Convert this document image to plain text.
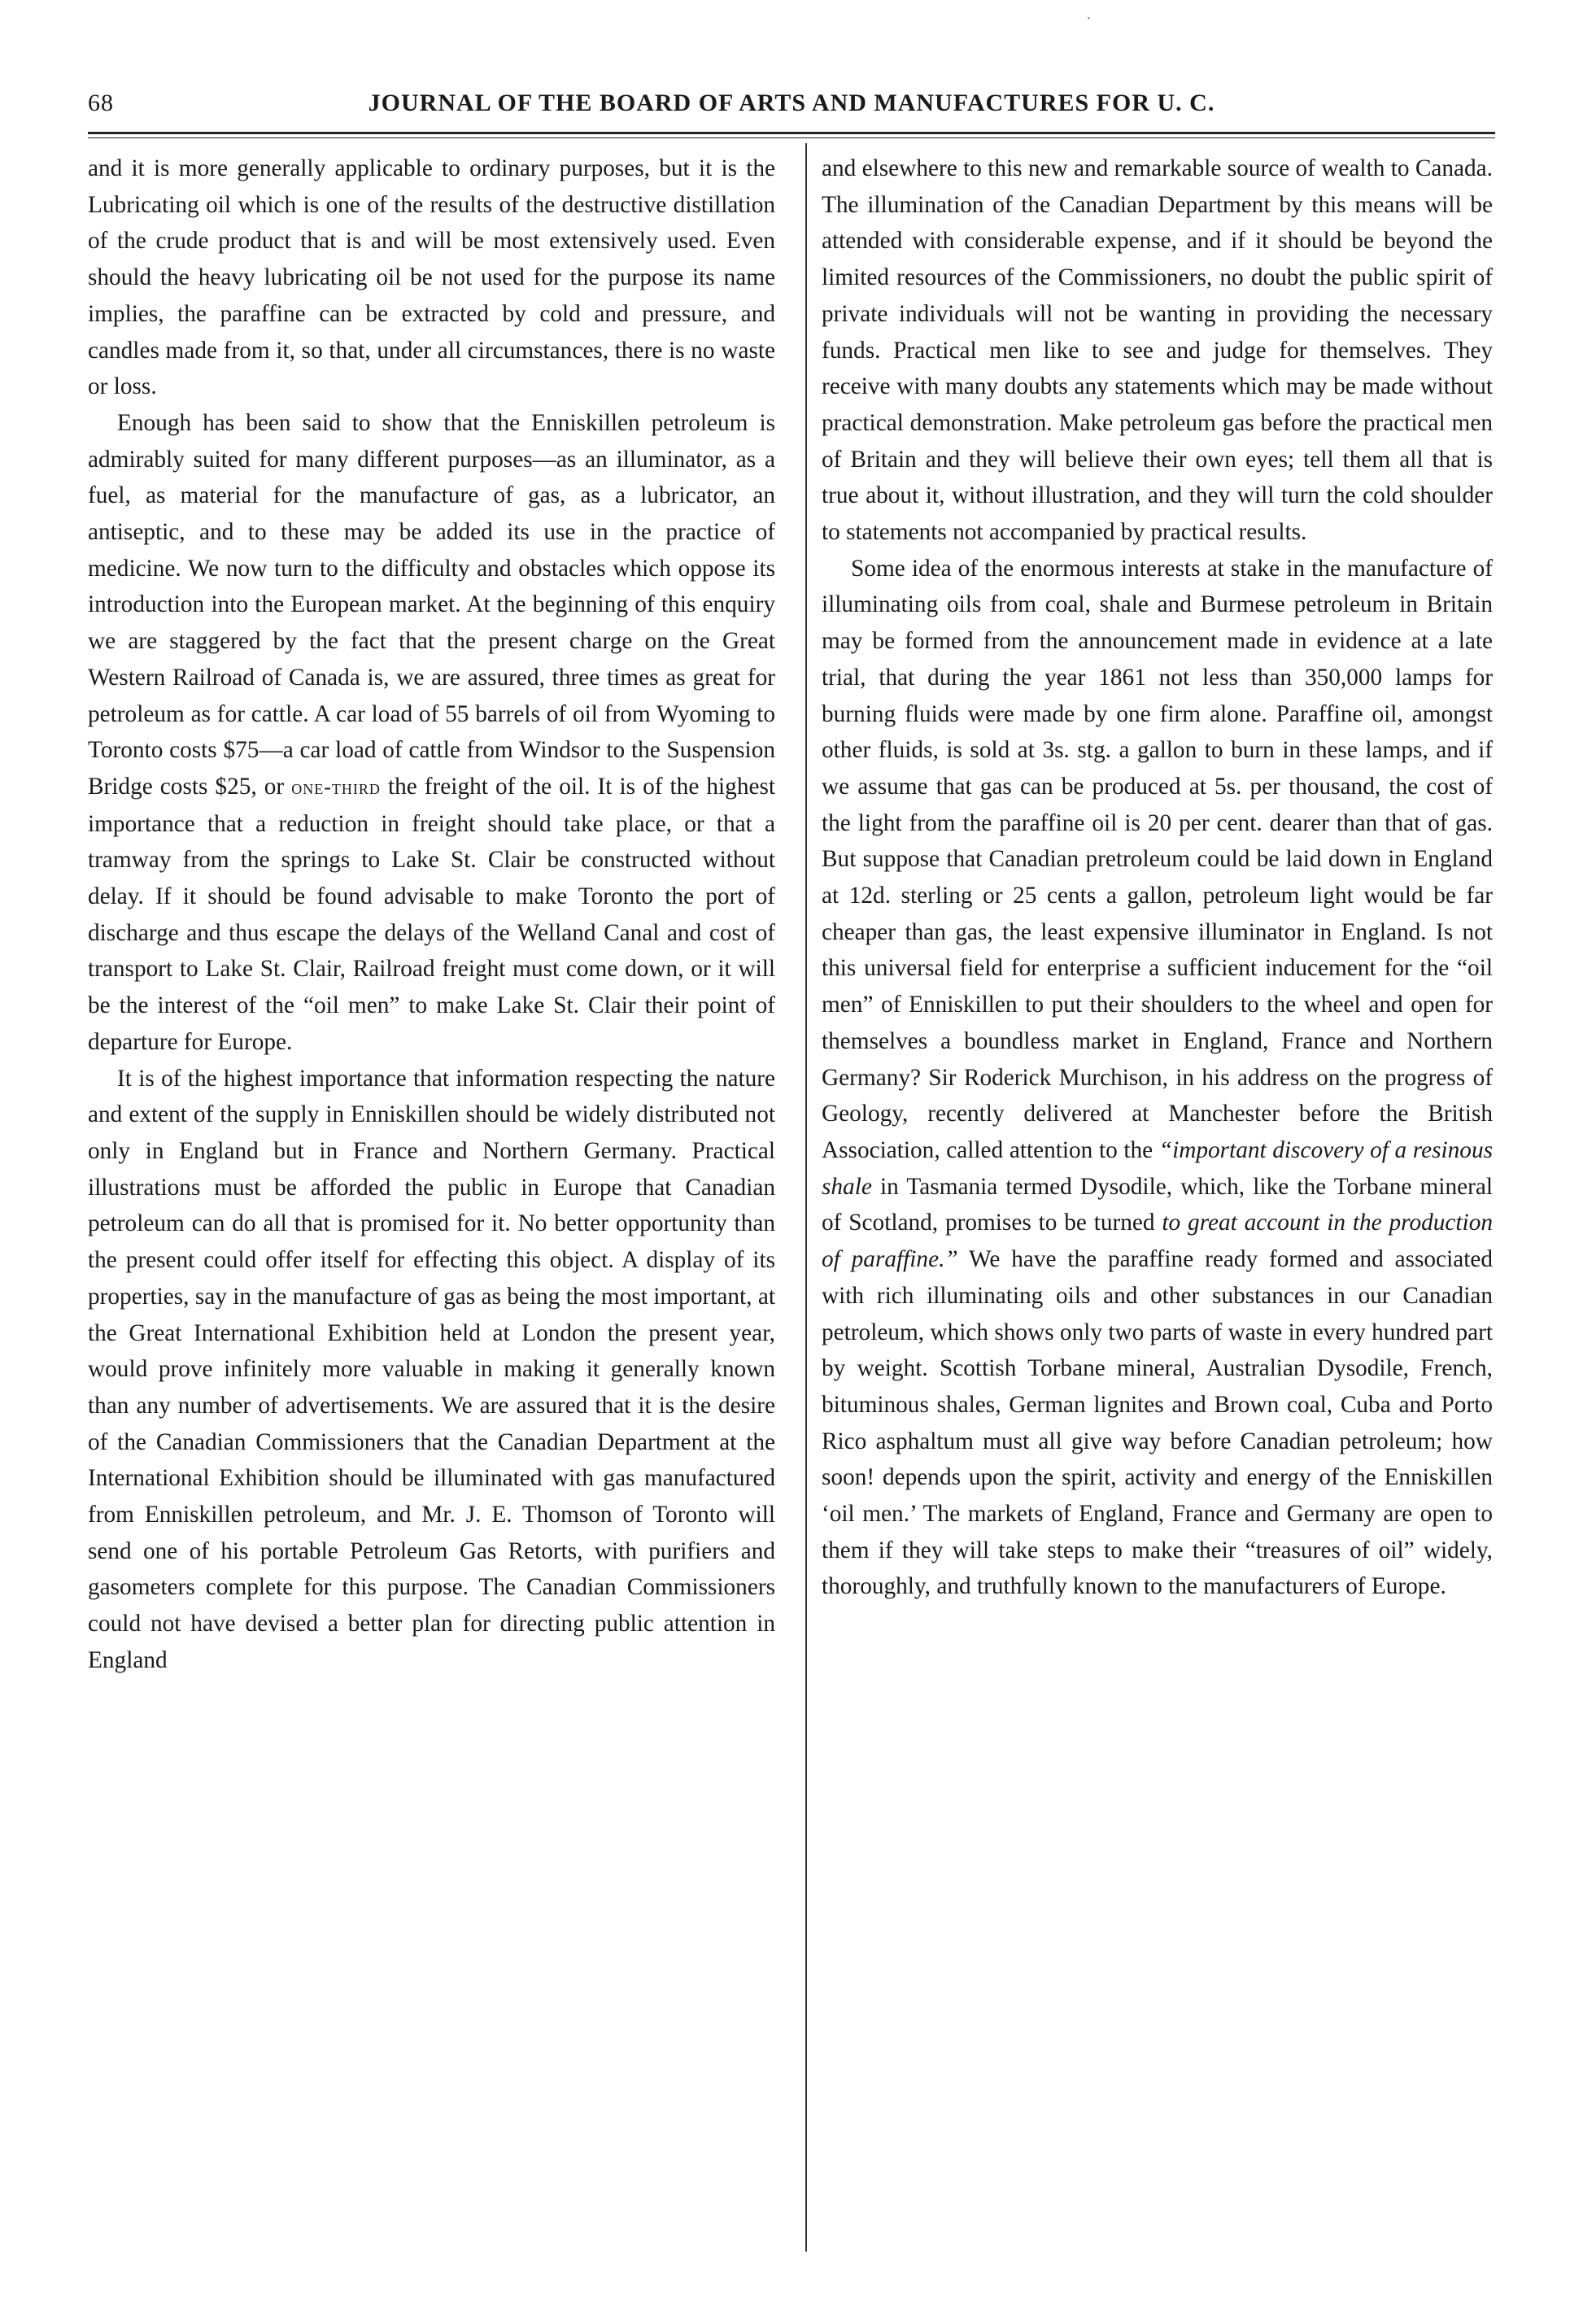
·
68	JOURNAL OF THE BOARD OF ARTS AND MANUFACTURES FOR U. C.

and it is more generally applicable to ordinary purposes, but it is the Lubricating oil which is one of the results of the destructive distillation of the crude product that is and will be most extensively used. Even should the heavy lubricating oil be not used for the purpose its name implies, the paraffine can be extracted by cold and pressure, and candles made from it, so that, under all circumstances, there is no waste or loss.

Enough has been said to show that the Enniskillen petroleum is admirably suited for many different purposes—as an illuminator, as a fuel, as material for the manufacture of gas, as a lubricator, an antiseptic, and to these may be added its use in the practice of medicine. We now turn to the difficulty and obstacles which oppose its introduction into the European market. At the beginning of this enquiry we are staggered by the fact that the present charge on the Great Western Railroad of Canada is, we are assured, three times as great for petroleum as for cattle. A car load of 55 barrels of oil from Wyoming to Toronto costs $75—a car load of cattle from Windsor to the Suspension Bridge costs $25, or one-third the freight of the oil. It is of the highest importance that a reduction in freight should take place, or that a tramway from the springs to Lake St. Clair be constructed without delay. If it should be found advisable to make Toronto the port of discharge and thus escape the delays of the Welland Canal and cost of transport to Lake St. Clair, Railroad freight must come down, or it will be the interest of the “oil men” to make Lake St. Clair their point of departure for Europe.

It is of the highest importance that information respecting the nature and extent of the supply in Enniskillen should be widely distributed not only in England but in France and Northern Germany. Practical illustrations must be afforded the public in Europe that Canadian petroleum can do all that is promised for it. No better opportunity than the present could offer itself for effecting this object. A display of its properties, say in the manufacture of gas as being the most important, at the Great International Exhibition held at London the present year, would prove infinitely more valuable in making it generally known than any number of advertisements. We are assured that it is the desire of the Canadian Commissioners that the Canadian Department at the International Exhibition should be illuminated with gas manufactured from Enniskillen petroleum, and Mr. J. E. Thomson of Toronto will send one of his portable Petroleum Gas Retorts, with purifiers and gasometers complete for this purpose. The Canadian Commissioners could not have devised a better plan for directing public attention in England

and elsewhere to this new and remarkable source of wealth to Canada. The illumination of the Canadian Department by this means will be attended with considerable expense, and if it should be beyond the limited resources of the Commissioners, no doubt the public spirit of private individuals will not be wanting in providing the necessary funds. Practical men like to see and judge for themselves. They receive with many doubts any statements which may be made without practical demonstration. Make petroleum gas before the practical men of Britain and they will believe their own eyes; tell them all that is true about it, without illustration, and they will turn the cold shoulder to statements not accompanied by practical results.

Some idea of the enormous interests at stake in the manufacture of illuminating oils from coal, shale and Burmese petroleum in Britain may be formed from the announcement made in evidence at a late trial, that during the year 1861 not less than 350,000 lamps for burning fluids were made by one firm alone. Paraffine oil, amongst other fluids, is sold at 3s. stg. a gallon to burn in these lamps, and if we assume that gas can be produced at 5s. per thousand, the cost of the light from the paraffine oil is 20 per cent. dearer than that of gas. But suppose that Canadian pretroleum could be laid down in England at 12d. sterling or 25 cents a gallon, petroleum light would be far cheaper than gas, the least expensive illuminator in England. Is not this universal field for enterprise a sufficient inducement for the “oil men” of Enniskillen to put their shoulders to the wheel and open for themselves a boundless market in England, France and Northern Germany? Sir Roderick Murchison, in his address on the progress of Geology, recently delivered at Manchester before the British Association, called attention to the “important discovery of a resinous shale in Tasmania termed Dysodile, which, like the Torbane mineral of Scotland, promises to be turned to great account in the production of paraffine.” We have the paraffine ready formed and associated with rich illuminating oils and other substances in our Canadian petroleum, which shows only two parts of waste in every hundred part by weight. Scottish Torbane mineral, Australian Dysodile, French, bituminous shales, German lignites and Brown coal, Cuba and Porto Rico asphaltum must all give way before Canadian petroleum; how soon! depends upon the spirit, activity and energy of the Enniskillen ‘oil men.’ The markets of England, France and Germany are open to them if they will take steps to make their “treasures of oil” widely, thoroughly, and truthfully known to the manufacturers of Europe.
